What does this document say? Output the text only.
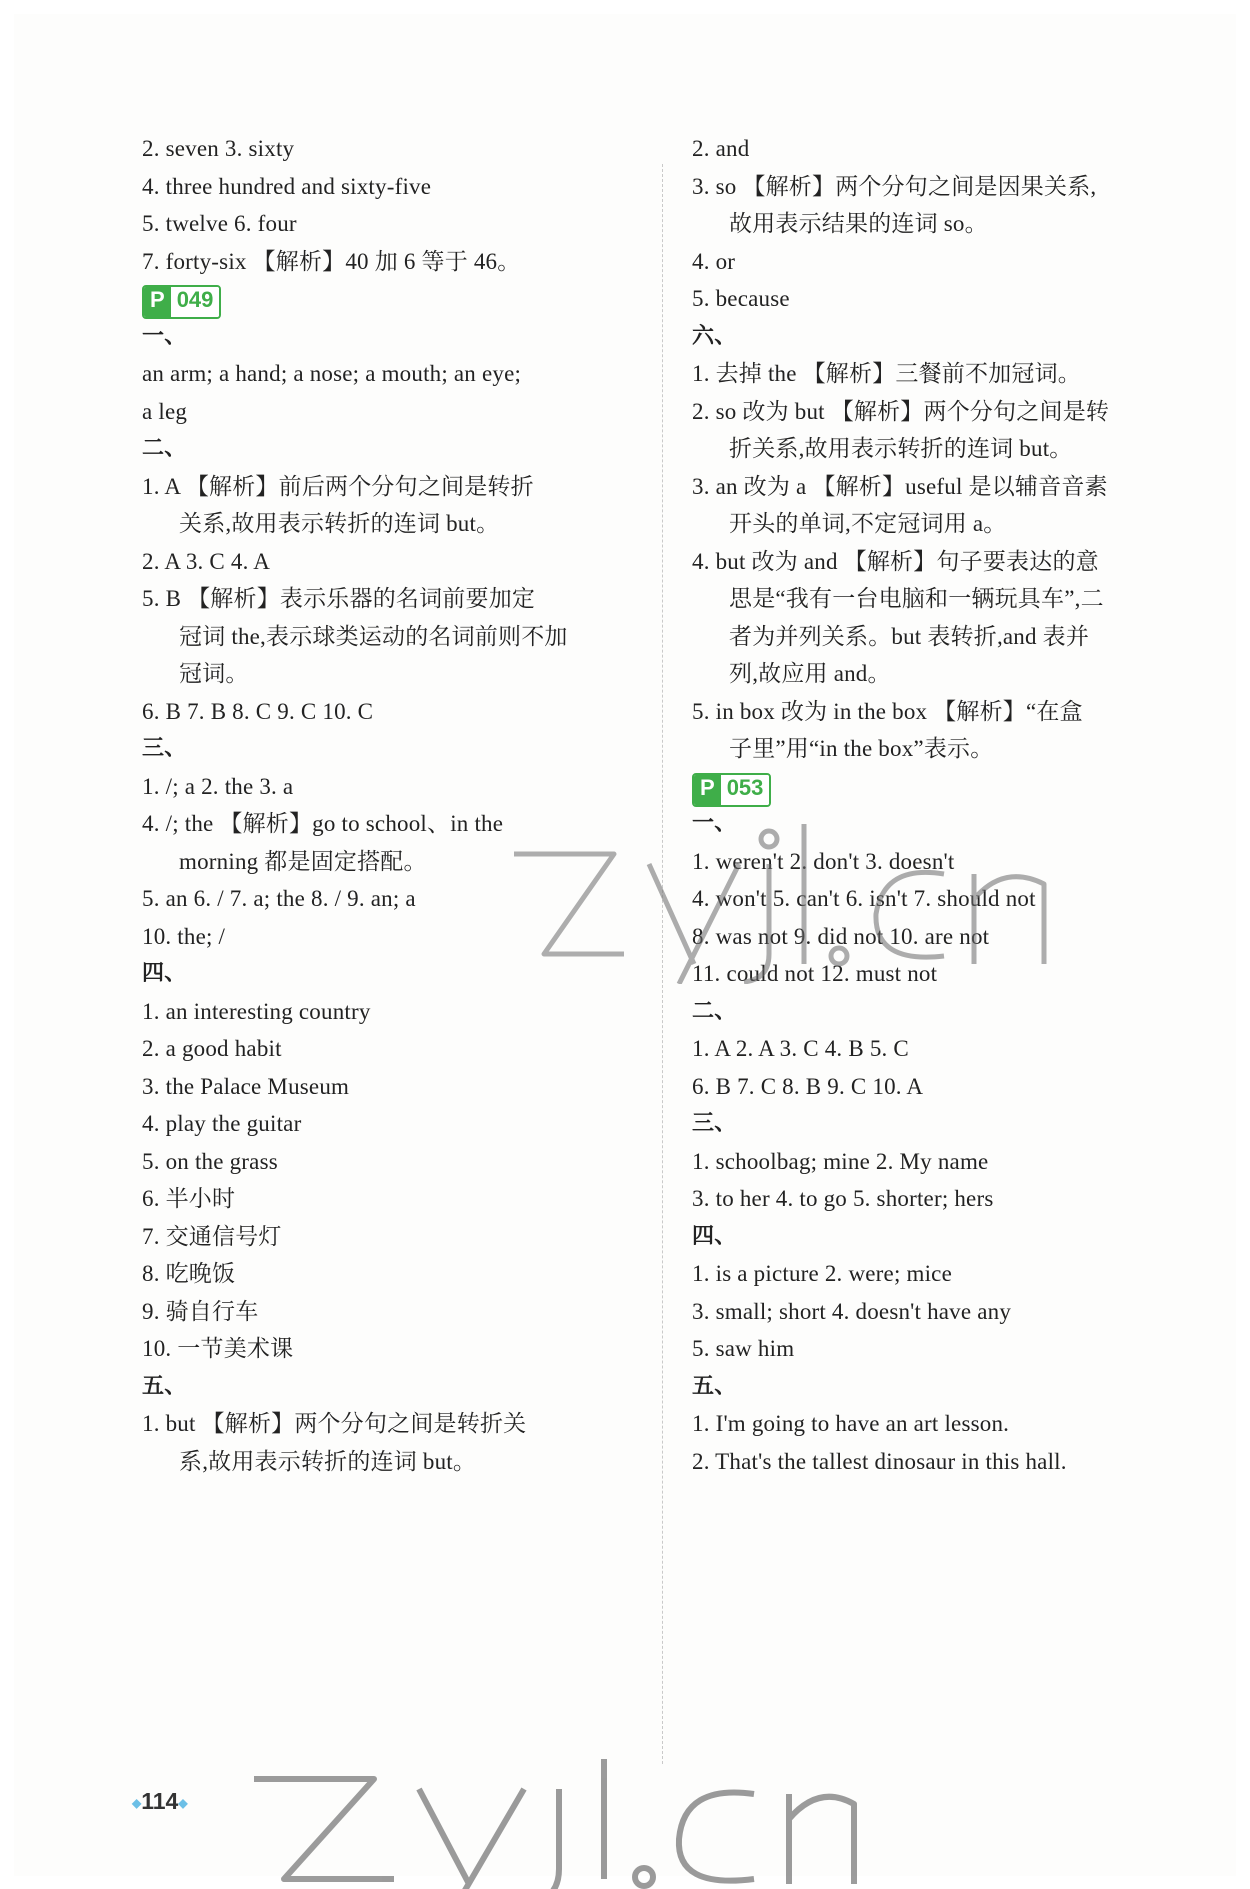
2. seven 3. sixty
4. three hundred and sixty-five
5. twelve 6. four
7. forty-six 【解析】40 加 6 等于 46。
P 049
一、
an arm; a hand; a nose; a mouth; an eye;
a leg
二、
1. A 【解析】前后两个分句之间是转折
关系,故用表示转折的连词 but。
2. A 3. C 4. A
5. B 【解析】表示乐器的名词前要加定
冠词 the,表示球类运动的名词前则不加
冠词。
6. B 7. B 8. C 9. C 10. C
三、
1. /; a 2. the 3. a
4. /; the 【解析】go to school、in the
morning 都是固定搭配。
5. an 6. / 7. a; the 8. / 9. an; a
10. the; /
四、
1. an interesting country
2. a good habit
3. the Palace Museum
4. play the guitar
5. on the grass
6. 半小时
7. 交通信号灯
8. 吃晚饭
9. 骑自行车
10. 一节美术课
五、
1. but 【解析】两个分句之间是转折关
系,故用表示转折的连词 but。
2. and
3. so 【解析】两个分句之间是因果关系,
故用表示结果的连词 so。
4. or
5. because
六、
1. 去掉 the 【解析】三餐前不加冠词。
2. so 改为 but 【解析】两个分句之间是转
折关系,故用表示转折的连词 but。
3. an 改为 a 【解析】useful 是以辅音音素
开头的单词,不定冠词用 a。
4. but 改为 and 【解析】句子要表达的意
思是“我有一台电脑和一辆玩具车”,二
者为并列关系。but 表转折,and 表并
列,故应用 and。
5. in box 改为 in the box 【解析】“在盒
子里”用“in the box”表示。
P 053
一、
1. weren't 2. don't 3. doesn't
4. won't 5. can't 6. isn't 7. should not
8. was not 9. did not 10. are not
11. could not 12. must not
二、
1. A 2. A 3. C 4. B 5. C
6. B 7. C 8. B 9. C 10. A
三、
1. schoolbag; mine 2. My name
3. to her 4. to go 5. shorter; hers
四、
1. is a picture 2. were; mice
3. small; short 4. doesn't have any
5. saw him
五、
1. I'm going to have an art lesson.
2. That's the tallest dinosaur in this hall.
◆114◆
